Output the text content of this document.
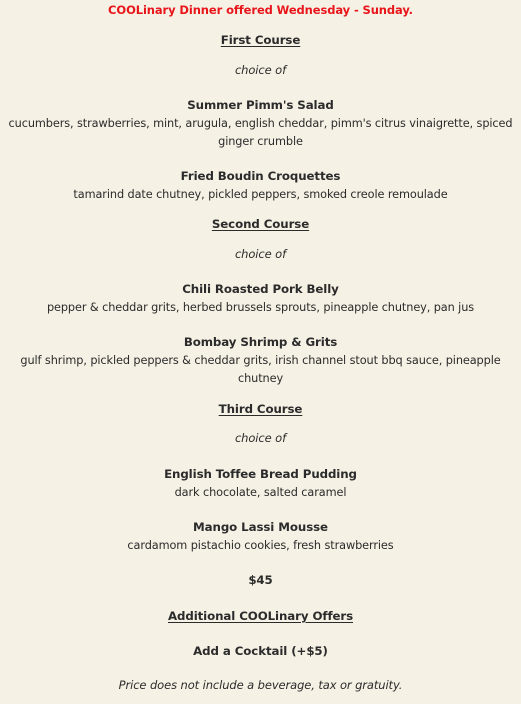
COOLinary Dinner offered Wednesday - Sunday.

First Course

choice of

Summer Pimm's Salad

cucumbers, strawberries, mint, arugula, english cheddar, pimm's citrus vinaigrette, spiced ginger crumble

Fried Boudin Croquettes

tamarind date chutney, pickled peppers, smoked creole remoulade

Second Course

choice of

Chili Roasted Pork Belly

pepper & cheddar grits, herbed brussels sprouts, pineapple chutney, pan jus

Bombay Shrimp & Grits

gulf shrimp, pickled peppers & cheddar grits, irish channel stout bbq sauce, pineapple chutney

Third Course

choice of

English Toffee Bread Pudding

dark chocolate, salted caramel

Mango Lassi Mousse

cardamom pistachio cookies, fresh strawberries

$45

Additional COOLinary Offers

Add a Cocktail (+$5)

Price does not include a beverage, tax or gratuity.
